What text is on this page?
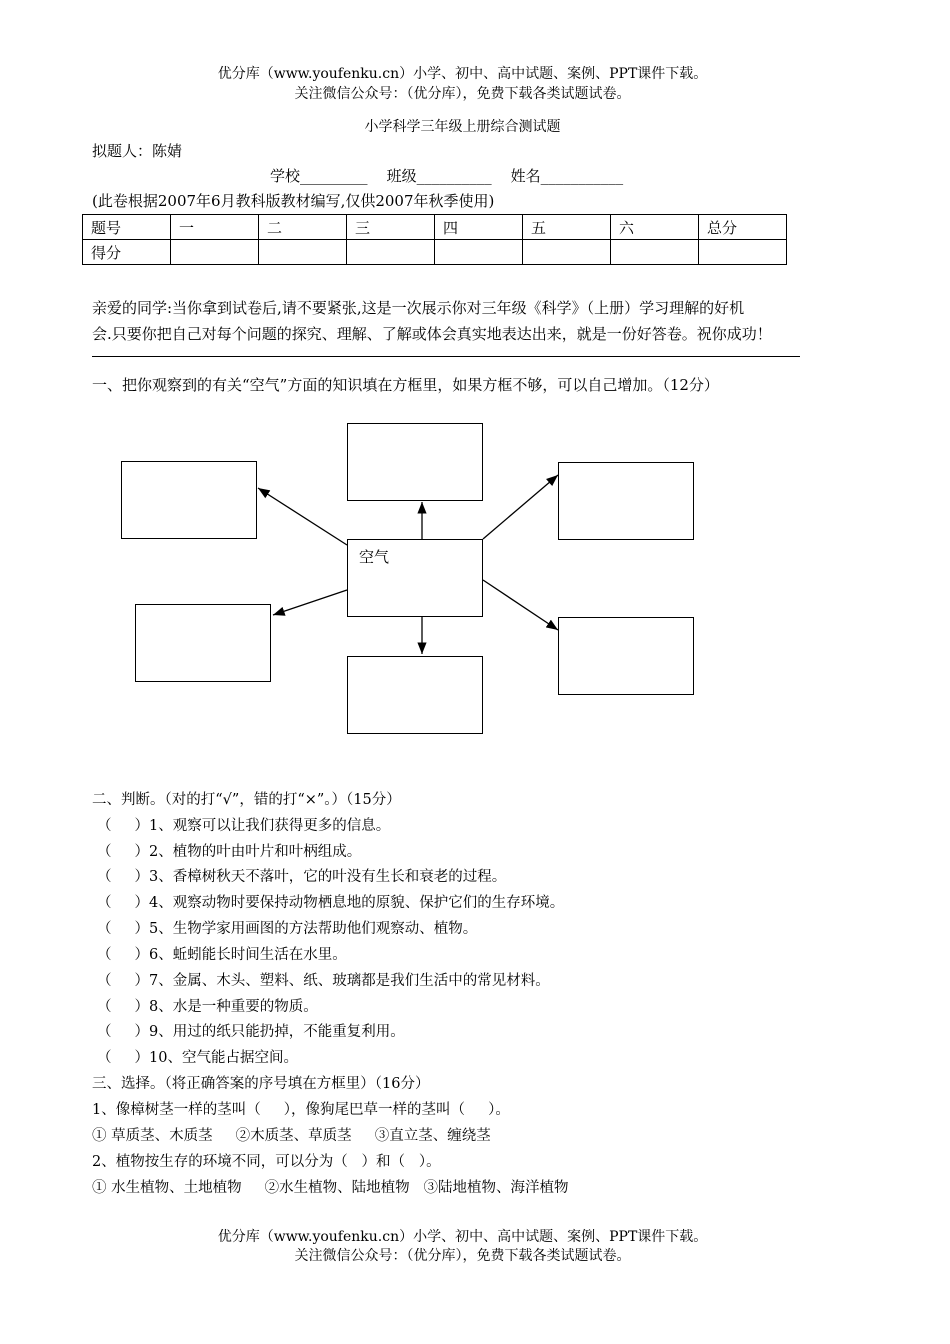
优分库（www.youfenku.cn）小学、初中、高中试题、案例、PPT课件下载。
关注微信公众号：（优分库），免费下载各类试题试卷。
小学科学三年级上册综合测试题
拟题人：陈婧
学校_________    班级__________    姓名___________
(此卷根据2007年6月教科版教材编写,仅供2007年秋季使用)
题号	一	二	三	四	五	六	总分
得分							
亲爱的同学:当你拿到试卷后,请不要紧张,这是一次展示你对三年级《科学》（上册）学习理解的好机
会.只要你把自己对每个问题的探究、理解、了解或体会真实地表达出来，就是一份好答卷。祝你成功！
一、把你观察到的有关“空气”方面的知识填在方框里，如果方框不够，可以自己增加。（12分）
空气
二、判断。（对的打“√”，错的打“×”。）（15分）
（     ）1、观察可以让我们获得更多的信息。
（     ）2、植物的叶由叶片和叶柄组成。
（     ）3、香樟树秋天不落叶，它的叶没有生长和衰老的过程。
（     ）4、观察动物时要保持动物栖息地的原貌、保护它们的生存环境。
（     ）5、生物学家用画图的方法帮助他们观察动、植物。
（     ）6、蚯蚓能长时间生活在水里。
（     ）7、金属、木头、塑料、纸、玻璃都是我们生活中的常见材料。
（     ）8、水是一种重要的物质。
（     ）9、用过的纸只能扔掉，不能重复利用。
（     ）10、空气能占据空间。
三、选择。（将正确答案的序号填在方框里）（16分）
1、像樟树茎一样的茎叫（     ），像狗尾巴草一样的茎叫（     ）。
① 草质茎、木质茎     ②木质茎、草质茎     ③直立茎、缠绕茎
2、植物按生存的环境不同，可以分为（   ）和（   ）。
① 水生植物、土地植物     ②水生植物、陆地植物   ③陆地植物、海洋植物
优分库（www.youfenku.cn）小学、初中、高中试题、案例、PPT课件下载。
关注微信公众号：（优分库），免费下载各类试题试卷。
